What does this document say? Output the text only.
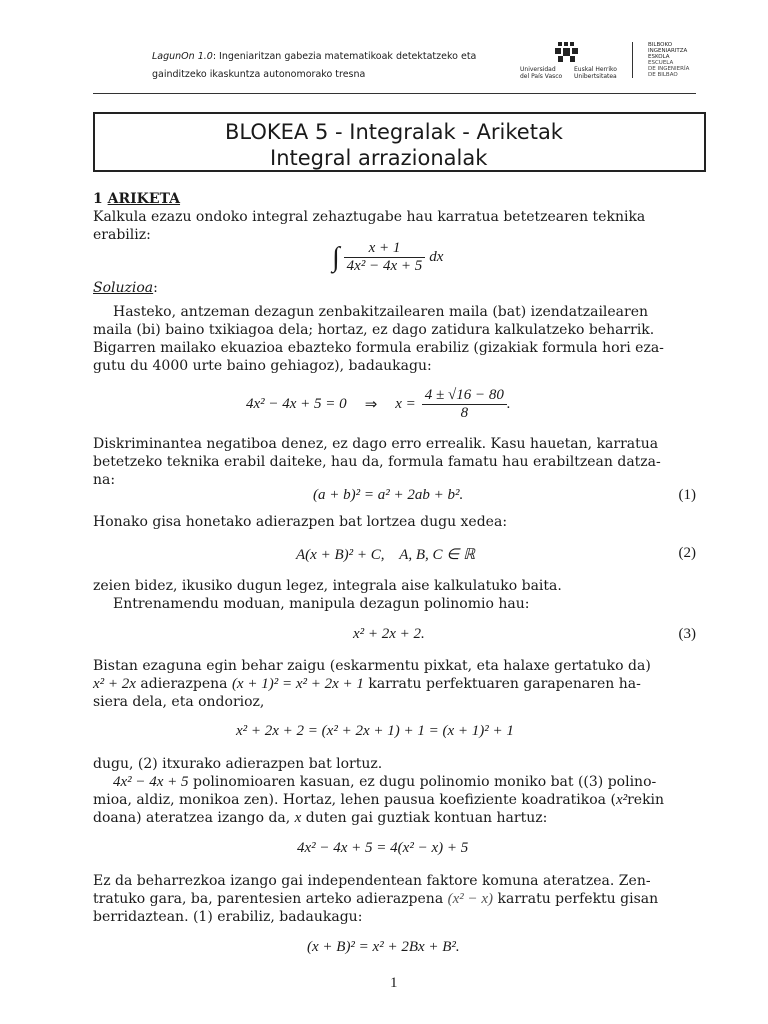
LagunOn 1.0: Ingeniaritzan gabezia matematikoak detektatzeko eta
gainditzeko ikaskuntza autonomorako tresna	Universidad
del País Vasco
Euskal Herriko
Unibertsitatea
BILBOKO
INGENIARITZA
ESKOLA
ESCUELA
DE INGENIERÍA
DE BILBAO
BLOKEA 5 - Integralak - Ariketak
Integral arrazionalak
1 ARIKETA
Kalkula ezazu ondoko integral zehaztugabe hau karratua betetzearen teknika
erabiliz:
∫ $\frac{x + 1}{\text{4x² − 4x + 5}}$ dx
Soluzioa:
Hasteko, antzeman dezagun zenbakitzailearen maila (bat) izendatzailearen
maila (bi) baino txikiagoa dela; hortaz, ez dago zatidura kalkulatzeko beharrik.
Bigarren mailako ekuazioa ebazteko formula erabiliz (gizakiak formula hori eza-
gutu du 4000 urte baino gehiagoz), badaukagu:
4x² − 4x + 5 = 0 ⇒ $x = \frac{4 \pm √16 - 80}{8}$ .
Diskriminantea negatiboa denez, ez dago erro errealik. Kasu hauetan, karratua
betetzeko teknika erabil daiteke, hau da, formula famatu hau erabiltzean datza-
na:
(a + b)² = a² + 2ab + b².	(1)
Honako gisa honetako adierazpen bat lortzea dugu xedea:
A(x + B)² + C,    A, B, C ∈ ℝ	(2)
zeien bidez, ikusiko dugun legez, integrala aise kalkulatuko baita.
Entrenamendu moduan, manipula dezagun polinomio hau:
x² + 2x + 2.	(3)
Bistan ezaguna egin behar zaigu (eskarmentu pixkat, eta halaxe gertatuko da)
x² + 2x adierazpena (x + 1)² = x² + 2x + 1 karratu perfektuaren garapenaren ha-
siera dela, eta ondorioz,
x² + 2x + 2 = (x² + 2x + 1) + 1 = (x + 1)² + 1
dugu, (2) itxurako adierazpen bat lortuz.
4x² − 4x + 5 polinomioaren kasuan, ez dugu polinomio moniko bat ((3) polino-
mioa, aldiz, monikoa zen). Hortaz, lehen pausua koefiziente koadratikoa (x²rekin
doana) ateratzea izango da, x duten gai guztiak kontuan hartuz:
4x² − 4x + 5 = 4(x² − x) + 5
Ez da beharrezkoa izango gai independentean faktore komuna ateratzea. Zen-
tratuko gara, ba, parentesien arteko adierazpena (x² − x) karratu perfektu gisan
berridaztean. (1) erabiliz, badaukagu:
(x + B)² = x² + 2Bx + B².
1
